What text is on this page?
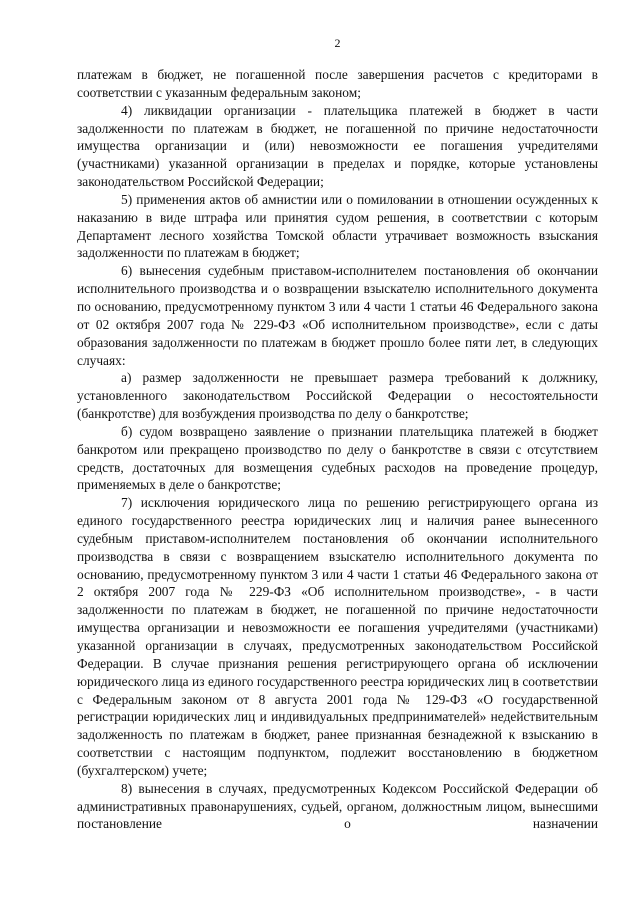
2

платежам в бюджет, не погашенной после завершения расчетов с кредиторами в соответствии с указанным федеральным законом;

4) ликвидации организации - плательщика платежей в бюджет в части задолженности по платежам в бюджет, не погашенной по причине недостаточности имущества организации и (или) невозможности ее погашения учредителями (участниками) указанной организации в пределах и порядке, которые установлены законодательством Российской Федерации;

5) применения актов об амнистии или о помиловании в отношении осужденных к наказанию в виде штрафа или принятия судом решения, в соответствии с которым Департамент лесного хозяйства Томской области утрачивает возможность взыскания задолженности по платежам в бюджет;

6) вынесения судебным приставом-исполнителем постановления об окончании исполнительного производства и о возвращении взыскателю исполнительного документа по основанию, предусмотренному пунктом 3 или 4 части 1 статьи 46 Федерального закона от 02 октября 2007 года № 229-ФЗ «Об исполнительном производстве», если с даты образования задолженности по платежам в бюджет прошло более пяти лет, в следующих случаях:

а) размер задолженности не превышает размера требований к должнику, установленного законодательством Российской Федерации о несостоятельности (банкротстве) для возбуждения производства по делу о банкротстве;

б) судом возвращено заявление о признании плательщика платежей в бюджет банкротом или прекращено производство по делу о банкротстве в связи с отсутствием средств, достаточных для возмещения судебных расходов на проведение процедур, применяемых в деле о банкротстве;

7) исключения юридического лица по решению регистрирующего органа из единого государственного реестра юридических лиц и наличия ранее вынесенного судебным приставом-исполнителем постановления об окончании исполнительного производства в связи с возвращением взыскателю исполнительного документа по основанию, предусмотренному пунктом 3 или 4 части 1 статьи 46 Федерального закона от 2 октября 2007 года № 229-ФЗ «Об исполнительном производстве», - в части задолженности по платежам в бюджет, не погашенной по причине недостаточности имущества организации и невозможности ее погашения учредителями (участниками) указанной организации в случаях, предусмотренных законодательством Российской Федерации. В случае признания решения регистрирующего органа об исключении юридического лица из единого государственного реестра юридических лиц в соответствии с Федеральным законом от 8 августа 2001 года № 129-ФЗ «О государственной регистрации юридических лиц и индивидуальных предпринимателей» недействительным задолженность по платежам в бюджет, ранее признанная безнадежной к взысканию в соответствии с настоящим подпунктом, подлежит восстановлению в бюджетном (бухгалтерском) учете;

8) вынесения в случаях, предусмотренных Кодексом Российской Федерации об административных правонарушениях, судьей, органом, должностным лицом, вынесшими постановление о назначении
